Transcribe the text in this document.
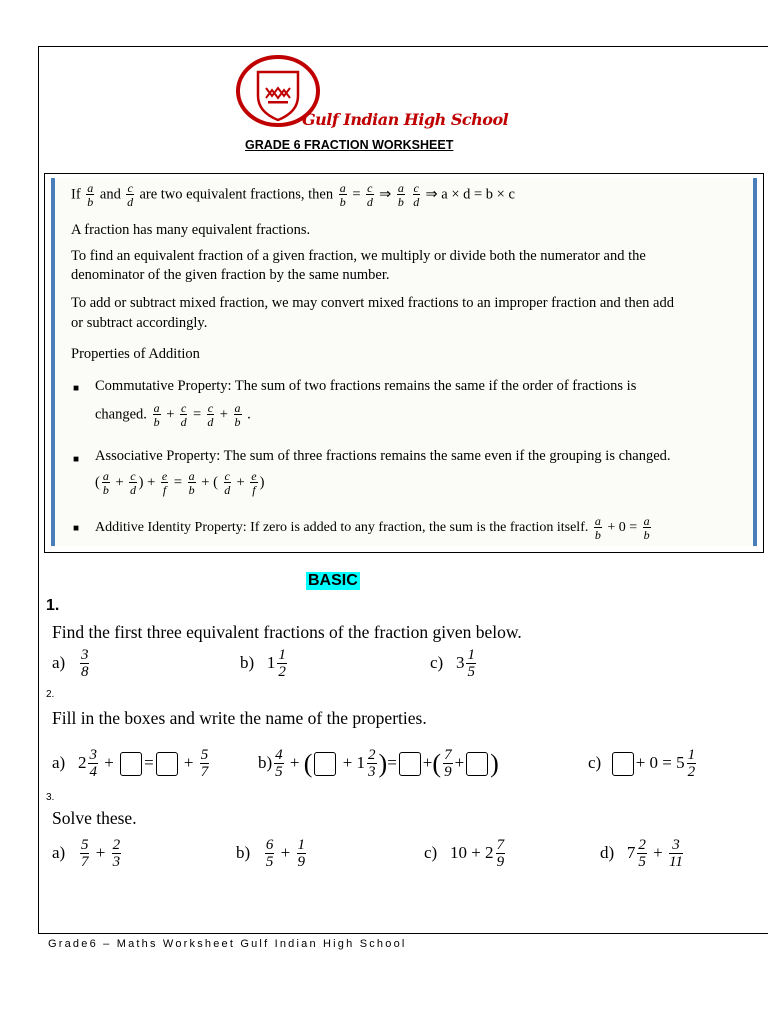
Gulf Indian High School
GRADE 6 FRACTION WORKSHEET
If $\frac{a}{b}$ and $\frac{c}{d}$ are two equivalent fractions, then $\frac{a}{b} = \frac{c}{d}$ ⇒ $\frac{a}{b}$
$\frac{c}{d}$ ⇒ a × d = b × c
A fraction has many equivalent fractions.
To find an equivalent fraction of a given fraction, we multiply or divide both the numerator and the
denominator of the given fraction by the same number.
To add or subtract mixed fraction, we may convert mixed fractions to an improper fraction and then add
or subtract accordingly.
Properties of Addition
■ Commutative Property: The sum of two fractions remains the same if the order of fractions is
changed. $\frac{a}{b} + \frac{c}{d} = \frac{c}{d} + \frac{a}{b}$ .
■ Associative Property: The sum of three fractions remains the same even if the grouping is changed.
( $\frac{a}{b} + \frac{c}{d}$ ) + $\frac{e}{f} = \frac{a}{b}$ + ( $\frac{c}{d} + \frac{e}{f}$ )
■ Additive Identity Property: If zero is added to any fraction, the sum is the fraction itself. $\frac{a}{b} + 0 = \frac{a}{b}$
BASIC
1.
Find the first three equivalent fractions of the fraction given below.
$a) \frac{3}{8}$	b) $1 \frac{1}{2}$	c) $3 \frac{1}{5}$
2.
Fill in the boxes and write the name of the properties.
a)   $2 \frac{3}{4}$ + = + $\frac{5}{7}$	$b) \frac{4}{5}$ + ( + $1 \frac{2}{3}$ )= +( $\frac{7}{9}$ + )	$c) + 0 = 5 \frac{1}{2}$
3.
Solve these.
$a) \frac{5}{7} + \frac{2}{3}$	$b) \frac{6}{5} + \frac{1}{9}$	c)   $10 + 2 \frac{7}{9}$	d)   $7 \frac{2}{5} + \frac{3}{11}$
Grade6 – Maths Worksheet Gulf Indian High School
